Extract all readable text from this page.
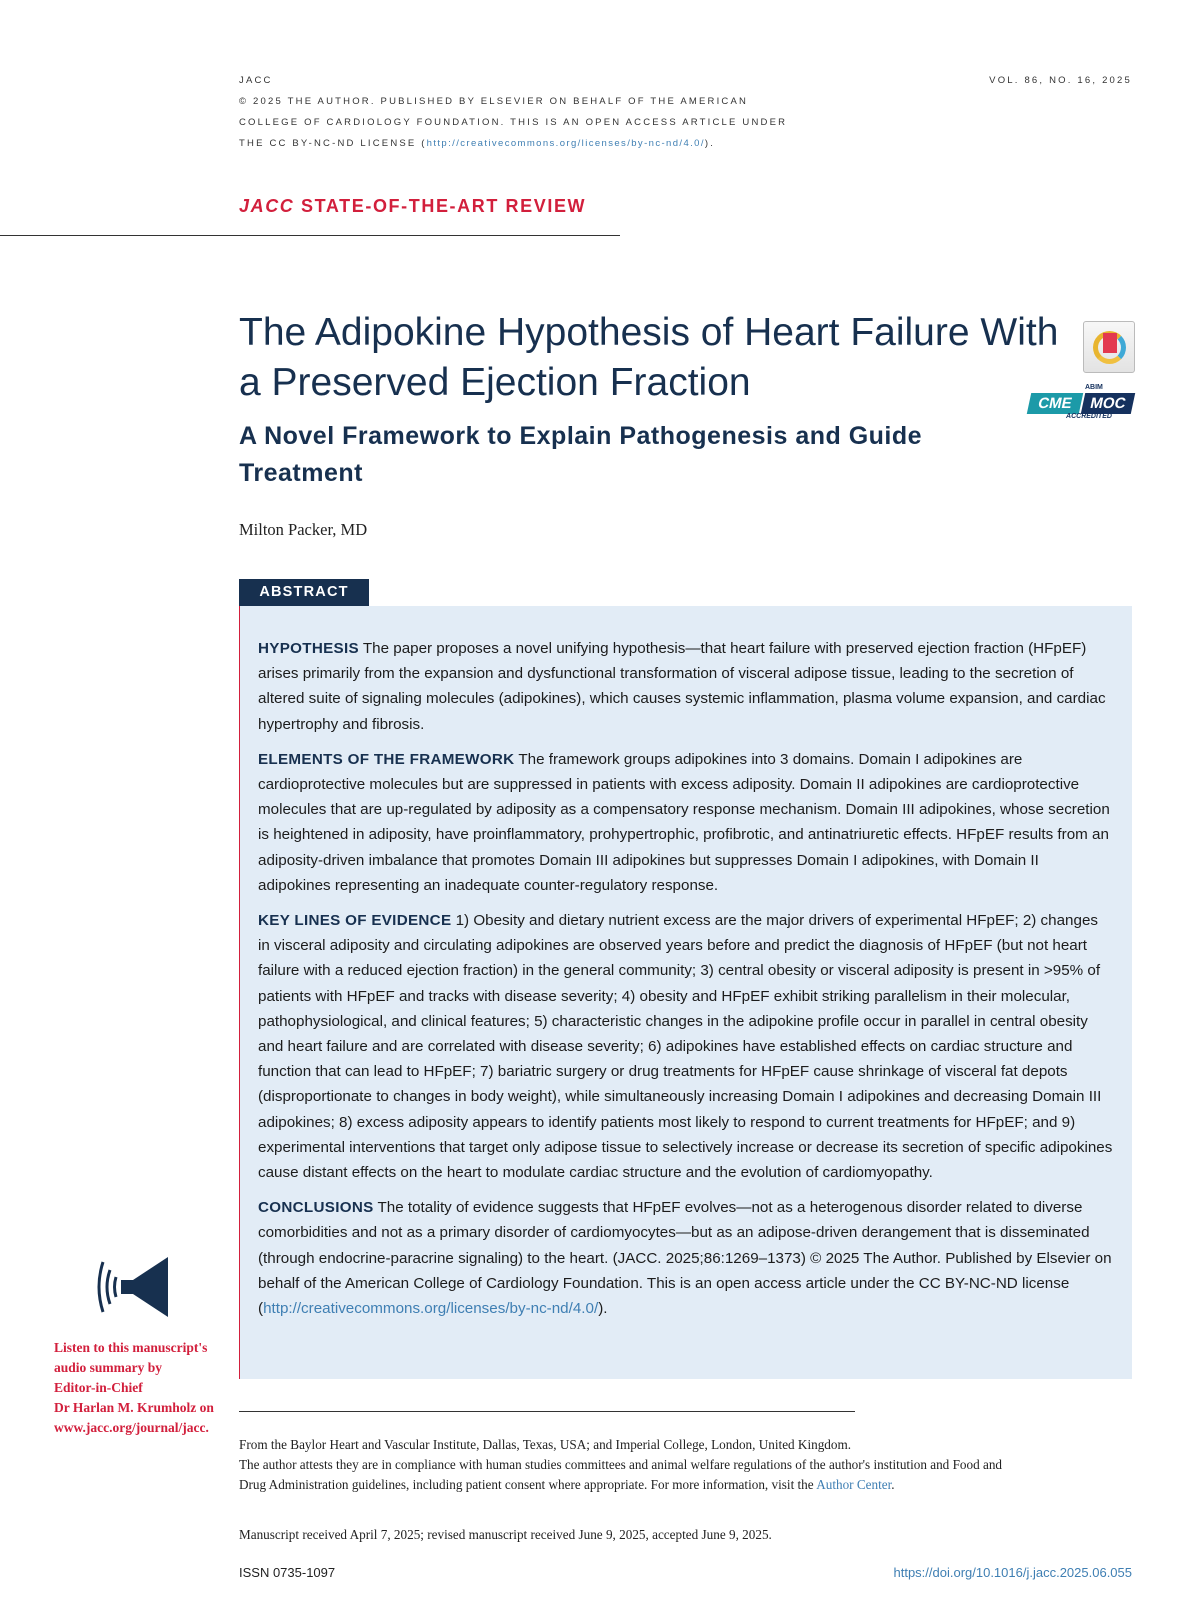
JACC
© 2025 THE AUTHOR. PUBLISHED BY ELSEVIER ON BEHALF OF THE AMERICAN
COLLEGE OF CARDIOLOGY FOUNDATION. THIS IS AN OPEN ACCESS ARTICLE UNDER
THE CC BY-NC-ND LICENSE (http://creativecommons.org/licenses/by-nc-nd/4.0/).
VOL. 86, NO. 16, 2025
JACC STATE-OF-THE-ART REVIEW
The Adipokine Hypothesis of Heart Failure With a Preserved Ejection Fraction
A Novel Framework to Explain Pathogenesis and Guide Treatment
ABIM
CME	MOC
ACCREDITED
Milton Packer, MD
ABSTRACT

HYPOTHESIS The paper proposes a novel unifying hypothesis—that heart failure with preserved ejection fraction (HFpEF) arises primarily from the expansion and dysfunctional transformation of visceral adipose tissue, leading to the secretion of altered suite of signaling molecules (adipokines), which causes systemic inflammation, plasma volume expansion, and cardiac hypertrophy and fibrosis.

ELEMENTS OF THE FRAMEWORK The framework groups adipokines into 3 domains. Domain I adipokines are cardioprotective molecules but are suppressed in patients with excess adiposity. Domain II adipokines are cardioprotective molecules that are up-regulated by adiposity as a compensatory response mechanism. Domain III adipokines, whose secretion is heightened in adiposity, have proinflammatory, prohypertrophic, profibrotic, and antinatriuretic effects. HFpEF results from an adiposity-driven imbalance that promotes Domain III adipokines but suppresses Domain I adipokines, with Domain II adipokines representing an inadequate counter-regulatory response.

KEY LINES OF EVIDENCE 1) Obesity and dietary nutrient excess are the major drivers of experimental HFpEF; 2) changes in visceral adiposity and circulating adipokines are observed years before and predict the diagnosis of HFpEF (but not heart failure with a reduced ejection fraction) in the general community; 3) central obesity or visceral adiposity is present in >95% of patients with HFpEF and tracks with disease severity; 4) obesity and HFpEF exhibit striking parallelism in their molecular, pathophysiological, and clinical features; 5) characteristic changes in the adipokine profile occur in parallel in central obesity and heart failure and are correlated with disease severity; 6) adipokines have established effects on cardiac structure and function that can lead to HFpEF; 7) bariatric surgery or drug treatments for HFpEF cause shrinkage of visceral fat depots (disproportionate to changes in body weight), while simultaneously increasing Domain I adipokines and decreasing Domain III adipokines; 8) excess adiposity appears to identify patients most likely to respond to current treatments for HFpEF; and 9) experimental interventions that target only adipose tissue to selectively increase or decrease its secretion of specific adipokines cause distant effects on the heart to modulate cardiac structure and the evolution of cardiomyopathy.

CONCLUSIONS The totality of evidence suggests that HFpEF evolves—not as a heterogenous disorder related to diverse comorbidities and not as a primary disorder of cardiomyocytes—but as an adipose-driven derangement that is disseminated (through endocrine-paracrine signaling) to the heart. (JACC. 2025;86:1269–1373) © 2025 The Author. Published by Elsevier on behalf of the American College of Cardiology Foundation. This is an open access article under the CC BY-NC-ND license (http://creativecommons.org/licenses/by-nc-nd/4.0/).

Listen to this manuscript's
audio summary by
Editor-in-Chief
Dr Harlan M. Krumholz on
www.jacc.org/journal/jacc.
From the Baylor Heart and Vascular Institute, Dallas, Texas, USA; and Imperial College, London, United Kingdom.
The author attests they are in compliance with human studies committees and animal welfare regulations of the author's institution and Food and Drug Administration guidelines, including patient consent where appropriate. For more information, visit the Author Center.
Manuscript received April 7, 2025; revised manuscript received June 9, 2025, accepted June 9, 2025.
ISSN 0735-1097	https://doi.org/10.1016/j.jacc.2025.06.055
